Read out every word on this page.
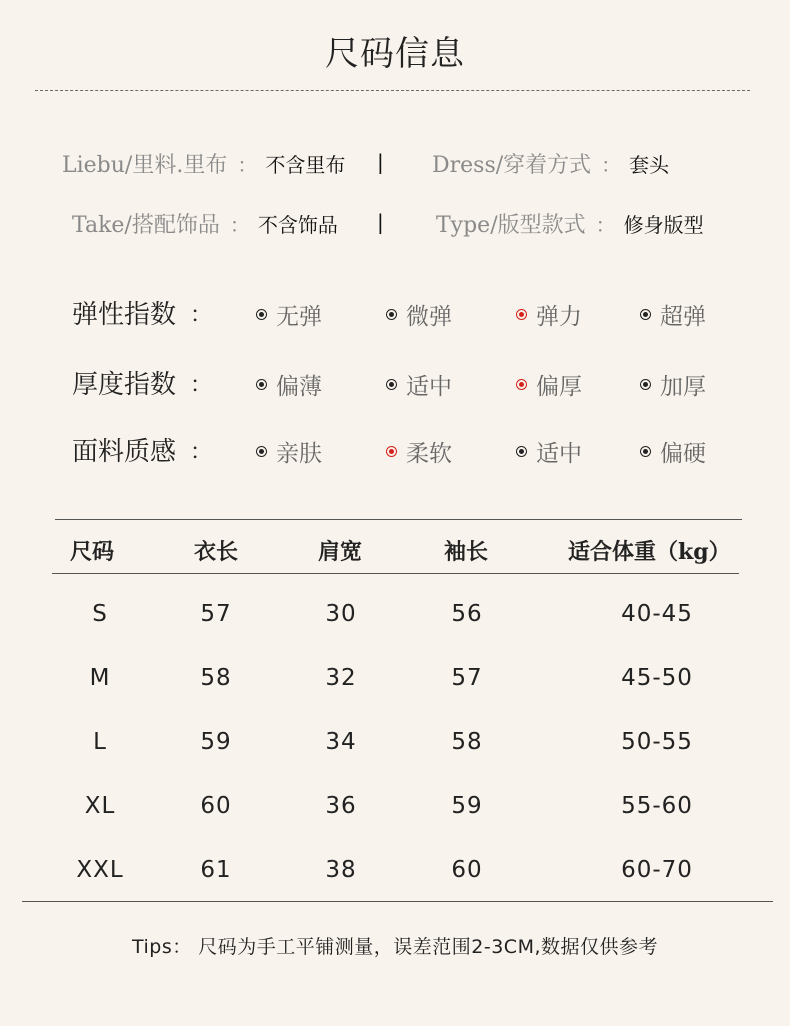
尺码信息
Liebu/里料.里布 ： 不含里布 | Dress/穿着方式 ： 套头
Take/搭配饰品 ： 不含饰品 | Type/版型款式 ： 修身版型
弹性指数 ：	无弹	微弹	弹力	超弹
厚度指数 ：	偏薄	适中	偏厚	加厚
面料质感 ：	亲肤	柔软	适中	偏硬
尺码	衣长	肩宽	袖长	适合体重（kg）
S	57	30	56	40-45
M	58	32	57	45-50
L	59	34	58	50-55
XL	60	36	59	55-60
XXL	61	38	60	60-70
Tips： 尺码为手工平铺测量，误差范围2-3CM,数据仅供参考
